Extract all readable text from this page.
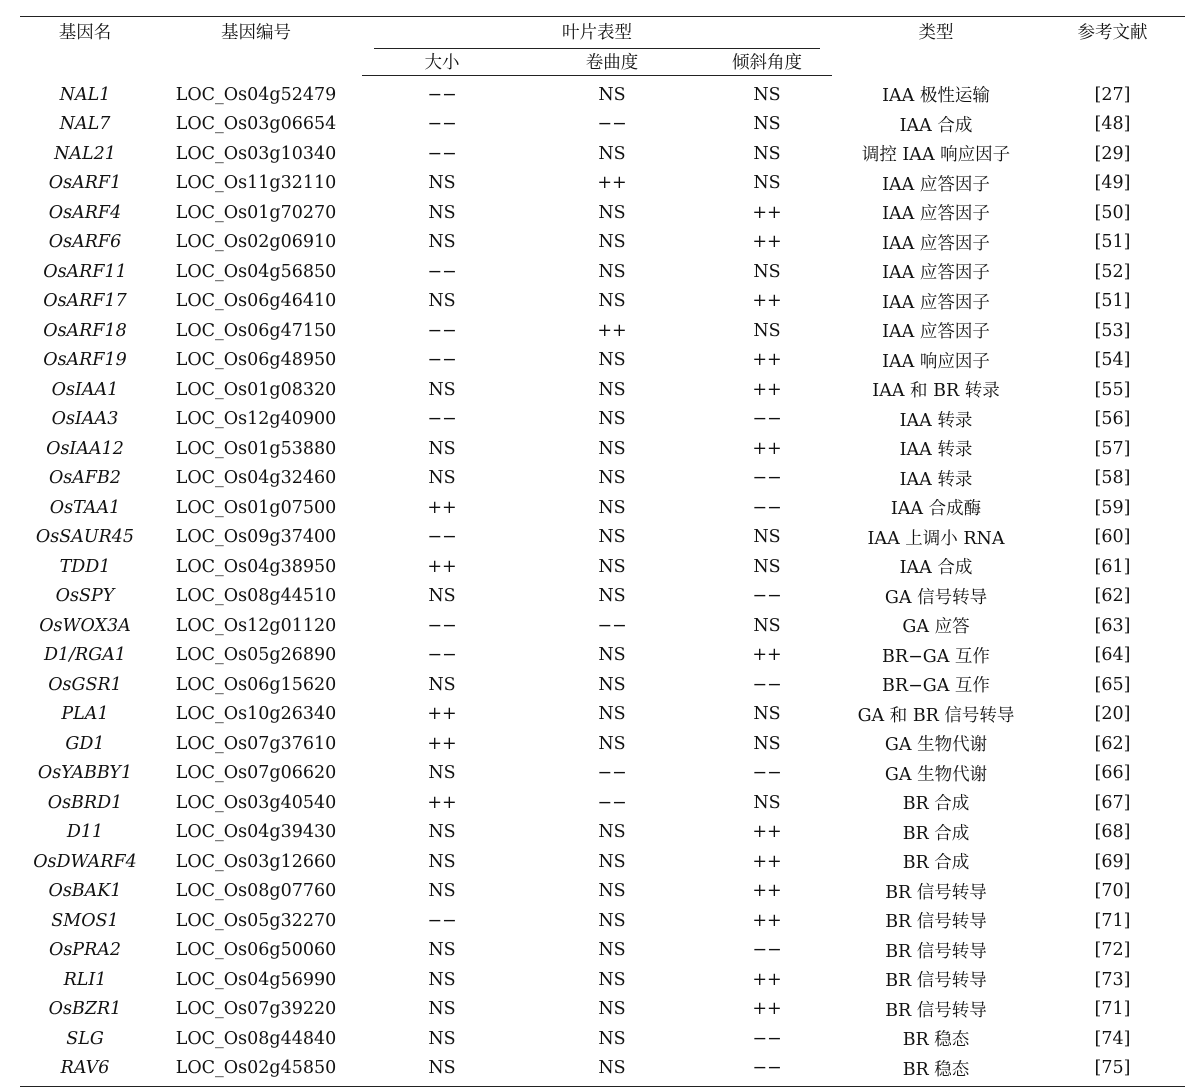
基因名	基因编号	叶片表型			类型	参考文献
		大小	卷曲度	倾斜角度		
NAL1	LOC_Os04g52479	−−	NS	NS	IAA 极性运输	[27]
NAL7	LOC_Os03g06654	−−	−−	NS	IAA 合成	[48]
NAL21	LOC_Os03g10340	−−	NS	NS	调控 IAA 响应因子	[29]
OsARF1	LOC_Os11g32110	NS	++	NS	IAA 应答因子	[49]
OsARF4	LOC_Os01g70270	NS	NS	++	IAA 应答因子	[50]
OsARF6	LOC_Os02g06910	NS	NS	++	IAA 应答因子	[51]
OsARF11	LOC_Os04g56850	−−	NS	NS	IAA 应答因子	[52]
OsARF17	LOC_Os06g46410	NS	NS	++	IAA 应答因子	[51]
OsARF18	LOC_Os06g47150	−−	++	NS	IAA 应答因子	[53]
OsARF19	LOC_Os06g48950	−−	NS	++	IAA 响应因子	[54]
OsIAA1	LOC_Os01g08320	NS	NS	++	IAA 和 BR 转录	[55]
OsIAA3	LOC_Os12g40900	−−	NS	−−	IAA 转录	[56]
OsIAA12	LOC_Os01g53880	NS	NS	++	IAA 转录	[57]
OsAFB2	LOC_Os04g32460	NS	NS	−−	IAA 转录	[58]
OsTAA1	LOC_Os01g07500	++	NS	−−	IAA 合成酶	[59]
OsSAUR45	LOC_Os09g37400	−−	NS	NS	IAA 上调小 RNA	[60]
TDD1	LOC_Os04g38950	++	NS	NS	IAA 合成	[61]
OsSPY	LOC_Os08g44510	NS	NS	−−	GA 信号转导	[62]
OsWOX3A	LOC_Os12g01120	−−	−−	NS	GA 应答	[63]
D1/RGA1	LOC_Os05g26890	−−	NS	++	BR−GA 互作	[64]
OsGSR1	LOC_Os06g15620	NS	NS	−−	BR−GA 互作	[65]
PLA1	LOC_Os10g26340	++	NS	NS	GA 和 BR 信号转导	[20]
GD1	LOC_Os07g37610	++	NS	NS	GA 生物代谢	[62]
OsYABBY1	LOC_Os07g06620	NS	−−	−−	GA 生物代谢	[66]
OsBRD1	LOC_Os03g40540	++	−−	NS	BR 合成	[67]
D11	LOC_Os04g39430	NS	NS	++	BR 合成	[68]
OsDWARF4	LOC_Os03g12660	NS	NS	++	BR 合成	[69]
OsBAK1	LOC_Os08g07760	NS	NS	++	BR 信号转导	[70]
SMOS1	LOC_Os05g32270	−−	NS	++	BR 信号转导	[71]
OsPRA2	LOC_Os06g50060	NS	NS	−−	BR 信号转导	[72]
RLI1	LOC_Os04g56990	NS	NS	++	BR 信号转导	[73]
OsBZR1	LOC_Os07g39220	NS	NS	++	BR 信号转导	[71]
SLG	LOC_Os08g44840	NS	NS	−−	BR 稳态	[74]
RAV6	LOC_Os02g45850	NS	NS	−−	BR 稳态	[75]
